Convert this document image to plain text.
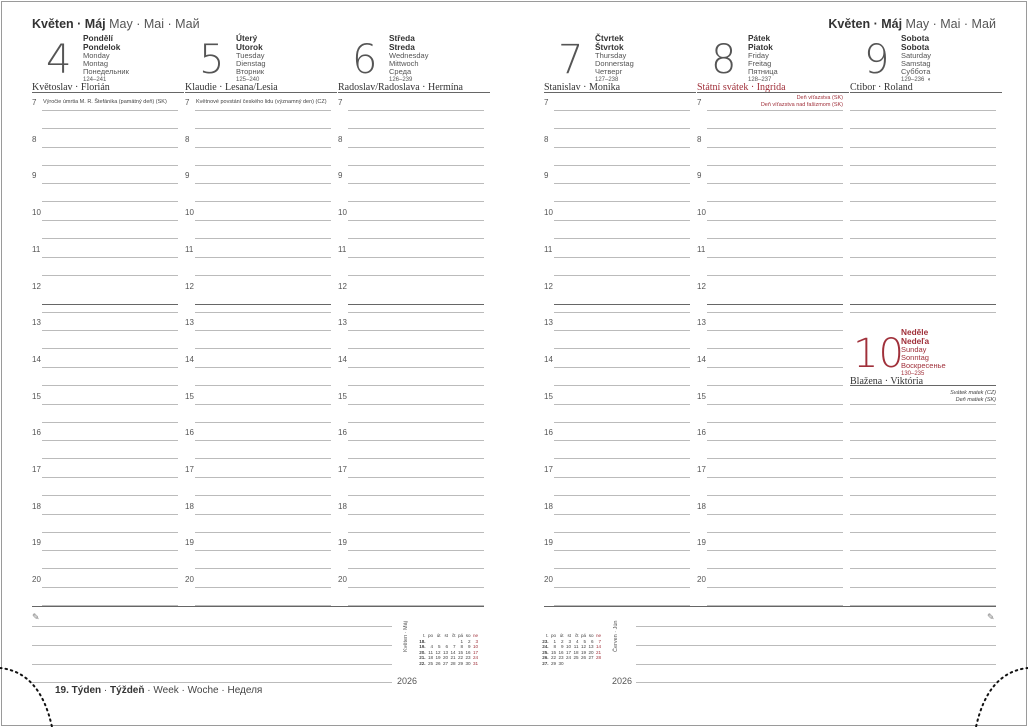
Květen · Máj May · Mai · Май	Květen · Máj May · Mai · Май
4 Pondělí
Pondelok
Monday
Montag
Понедельник
124–241
Květoslav · Florián
5 Úterý
Utorok
Tuesday
Dienstag
Вторник
125–240
Klaudie · Lesana/Lesia
6 Středa
Streda
Wednesday
Mittwoch
Среда
126–239
Radoslav/Radoslava · Hermína
7 Čtvrtek
Štvrtok
Thursday
Donnerstag
Четверг
127–238
Stanislav · Monika
8 Pátek
Piatok
Friday
Freitag
Пятница
128–237
Státní svátek · Ingrida
9 Sobota
Sobota
Saturday
Samstag
Суббота
129–236 ◐
Ctibor · Roland
10
Neděle
Nedeľa
Sunday
Sonntag
Воскресенье
130–235
Blažena · Viktória
Výročie úmrtia M. R. Štefánika (pamätný deň) (SK)	Květnové povstání českého lidu (významný den) (CZ)
Deň víťazstva (SK)
Deň víťazstva nad fašizmom (SK)
Svátek matek (CZ)
Deň matiek (SK)
7
8
9
10
11
12
13
14
15
16
17
18
19
20
7
8
9
10
11
12
13
14
15
16
17
18
19
20
7
8
9
10
11
12
13
14
15
16
17
18
19
20
7
8
9
10
11
12
13
14
15
16
17
18
19
20
7
8
9
10
11
12
13
14
15
16
17
18
19
20
✎	✎
Květen · Máj
t.	po	út	st	čt	pá	so	ne
18.					1	2	3
19.	4	5	6	7	8	9	10
20.	11	12	13	14	15	16	17
21.	18	19	20	21	22	23	24
22.	25	26	27	28	29	30	31
2026
t.	po	út	st	čt	pá	so	ne
23.	1	2	3	4	5	6	7
24.	8	9	10	11	12	13	14
25.	15	16	17	18	19	20	21
26.	22	23	24	25	26	27	28
27.	29	30					
Červen · Jún
2026
19. Týden · Týždeň · Week · Woche · Неделя
